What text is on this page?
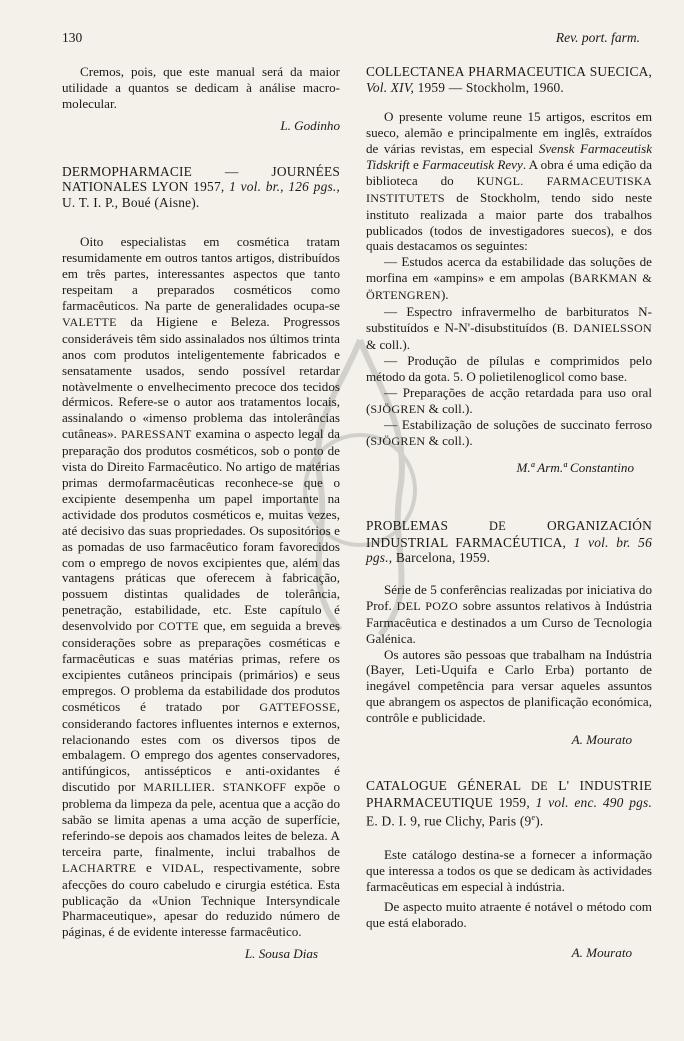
130	Rev. port. farm.

Cremos, pois, que este manual será da maior utilidade a quantos se dedicam à análise macro-molecular.

L. Godinho

DERMOPHARMACIE — JOURNÉES NATIONALES LYON 1957, 1 vol. br., 126 pgs., U. T. I. P., Boué (Aisne).

Oito especialistas em cosmética tratam resumidamente em outros tantos artigos, distribuídos em três partes, interessantes aspectos que tanto respeitam a preparados cosméticos como farmacêuticos. Na parte de generalidades ocupa-se VALETTE da Higiene e Beleza. Progressos consideráveis têm sido assinalados nos últimos trinta anos com produtos inteligentemente fabricados e sensatamente usados, sendo possível retardar notàvelmente o envelhecimento precoce dos tecidos dérmicos. Refere-se o autor aos tratamentos locais, assinalando o «imenso problema das intolerâncias cutâneas». PARESSANT examina o aspecto legal da preparação dos produtos cosméticos, sob o ponto de vista do Direito Farmacêutico. No artigo de matérias primas dermofarmacêuticas reconhece-se que o excipiente desempenha um papel importante na actividade dos produtos cosméticos e, muitas vezes, até decisivo das suas propriedades. Os supositórios e as pomadas de uso farmacêutico foram favorecidos com o emprego de novos excipientes que, além das vantagens práticas que oferecem à fabricação, possuem distintas qualidades de tolerância, penetração, estabilidade, etc. Este capítulo é desenvolvido por COTTE que, em seguida a breves considerações sobre as preparações cosméticas e farmacêuticas e suas matérias primas, refere os excipientes cutâneos principais (primários) e seus empregos. O problema da estabilidade dos produtos cosméticos é tratado por GATTEFOSSE, considerando factores influentes internos e externos, relacionando estes com os diversos tipos de embalagem. O emprego dos agentes conservadores, antifúngicos, antissépticos e anti-oxidantes é discutido por MARILLIER. STANKOFF expõe o problema da limpeza da pele, acentua que a acção do sabão se limita apenas a uma acção de superfície, referindo-se depois aos chamados leites de beleza. A terceira parte, finalmente, inclui trabalhos de LACHARTRE e VIDAL, respectivamente, sobre afecções do couro cabeludo e cirurgia estética. Esta publicação da «Union Technique Intersyndicale Pharmaceutique», apesar do reduzido número de páginas, é de evidente interesse farmacêutico.

L. Sousa Dias

COLLECTANEA PHARMACEUTICA SUECICA, Vol. XIV, 1959 — Stockholm, 1960.

O presente volume reune 15 artigos, escritos em sueco, alemão e principalmente em inglês, extraídos de várias revistas, em especial Svensk Farmaceutisk Tidskrift e Farmaceutisk Revy. A obra é uma edição da biblioteca do KUNGL. FARMACEUTISKA INSTITUTETS de Stockholm, tendo sido neste instituto realizada a maior parte dos trabalhos publicados (todos de investigadores suecos), e dos quais destacamos os seguintes:

— Estudos acerca da estabilidade das soluções de morfina em «ampins» e em ampolas (BARKMAN & ÖRTENGREN).

— Espectro infravermelho de barbituratos N-substituídos e N-N'-disubstituídos (B. DANIELSSON & coll.).

— Produção de pílulas e comprimidos pelo método da gota. 5. O polietilenoglicol como base.

— Preparações de acção retardada para uso oral (SJÖGREN & coll.).

— Estabilização de soluções de succinato ferroso (SJÖGREN & coll.).

M.ª Arm.ª Constantino

PROBLEMAS	DE	ORGANIZACIÓN INDUSTRIAL FARMACÉUTICA, 1 vol. br. 56 pgs., Barcelona, 1959.

Série de 5 conferências realizadas por iniciativa do Prof. DEL POZO sobre assuntos relativos à Indústria Farmacêutica e destinados a um Curso de Tecnologia Galénica.

Os autores são pessoas que trabalham na Indústria (Bayer, Leti-Uquifa e Carlo Erba) portanto de inegável competência para versar aqueles assuntos que abrangem os aspectos de planificação económica, contrôle e publicidade.

A. Mourato

CATALOGUE GÉNERAL DE L' INDUSTRIE PHARMACEUTIQUE 1959, 1 vol. enc. 490 pgs. E. D. I. 9, rue Clichy, Paris (9e).

Este catálogo destina-se a fornecer a informação que interessa a todos os que se dedicam às actividades farmacêuticas em especial à indústria.

De aspecto muito atraente é notável o método com que está elaborado.

A. Mourato
